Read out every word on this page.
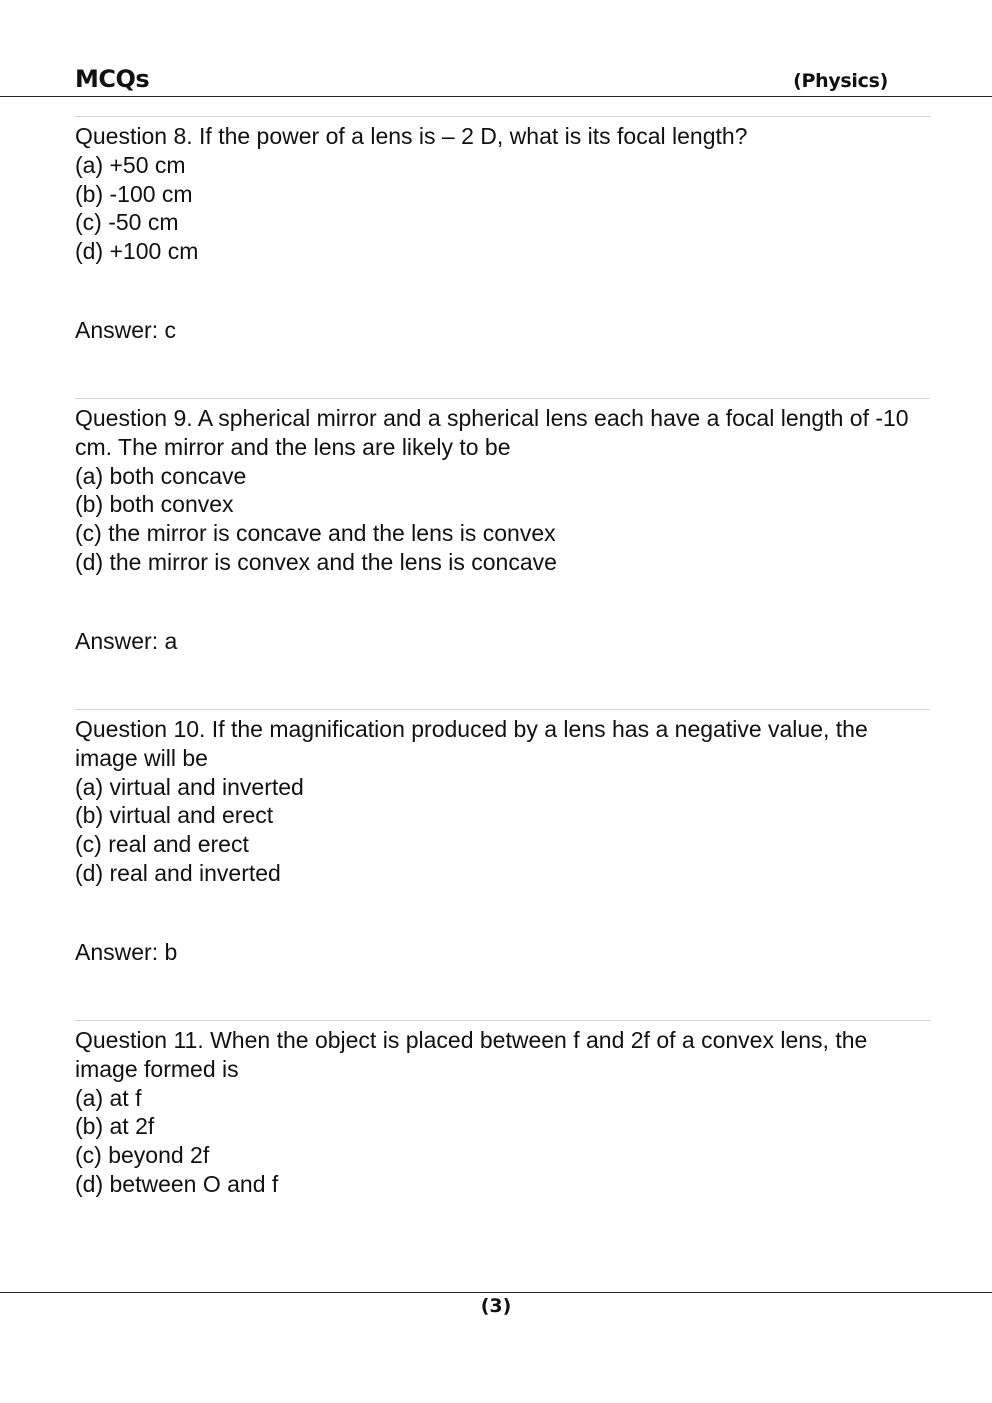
MCQs	(Physics)

Question 8. If the power of a lens is – 2 D, what is its focal length?

(a) +50 cm
(b) -100 cm
(c) -50 cm
(d) +100 cm

Answer: c

Question 9. A spherical mirror and a spherical lens each have a focal length of -10 cm. The mirror and the lens are likely to be

(a) both concave
(b) both convex
(c) the mirror is concave and the lens is convex
(d) the mirror is convex and the lens is concave

Answer: a

Question 10. If the magnification produced by a lens has a negative value, the image will be

(a) virtual and inverted
(b) virtual and erect
(c) real and erect
(d) real and inverted

Answer: b

Question 11. When the object is placed between f and 2f of a convex lens, the image formed is

(a) at f
(b) at 2f
(c) beyond 2f
(d) between O and f
(3)
